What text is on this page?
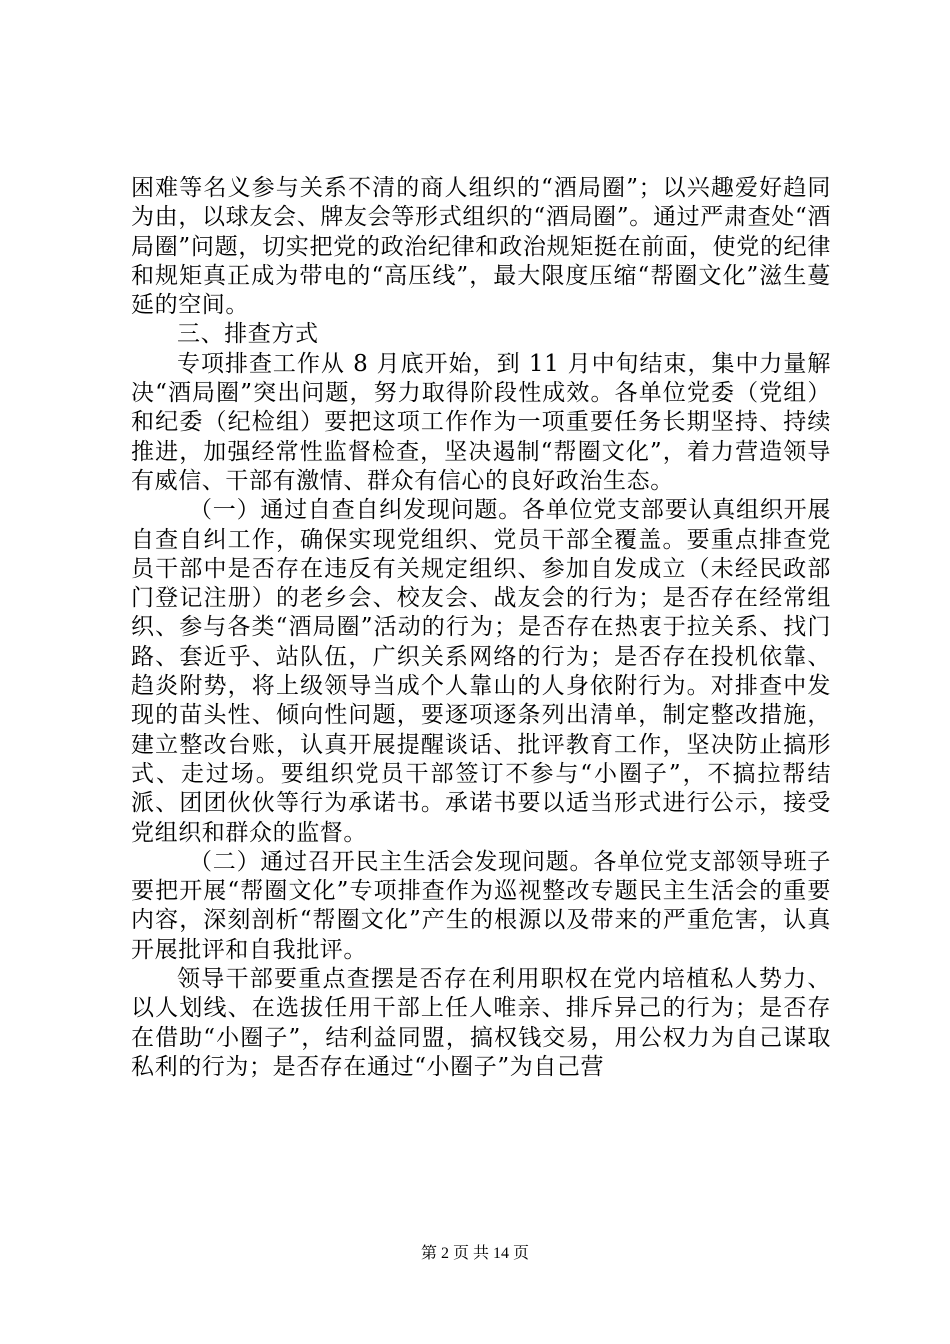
困难等名义参与关系不清的商人组织的“酒局圈”；以兴趣爱好趋同为由，以球友会、牌友会等形式组织的“酒局圈”。通过严肃查处“酒局圈”问题，切实把党的政治纪律和政治规矩挺在前面，使党的纪律和规矩真正成为带电的“高压线”，最大限度压缩“帮圈文化”滋生蔓延的空间。

三、排查方式

专项排查工作从 8 月底开始，到 11 月中旬结束，集中力量解决“酒局圈”突出问题，努力取得阶段性成效。各单位党委（党组）和纪委（纪检组）要把这项工作作为一项重要任务长期坚持、持续推进，加强经常性监督检查，坚决遏制“帮圈文化”，着力营造领导有威信、干部有激情、群众有信心的良好政治生态。

（一）通过自查自纠发现问题。各单位党支部要认真组织开展自查自纠工作，确保实现党组织、党员干部全覆盖。要重点排查党员干部中是否存在违反有关规定组织、参加自发成立（未经民政部门登记注册）的老乡会、校友会、战友会的行为；是否存在经常组织、参与各类“酒局圈”活动的行为；是否存在热衷于拉关系、找门路、套近乎、站队伍，广织关系网络的行为；是否存在投机依靠、趋炎附势，将上级领导当成个人靠山的人身依附行为。对排查中发现的苗头性、倾向性问题，要逐项逐条列出清单，制定整改措施，建立整改台账，认真开展提醒谈话、批评教育工作，坚决防止搞形式、走过场。要组织党员干部签订不参与“小圈子”，不搞拉帮结派、团团伙伙等行为承诺书。承诺书要以适当形式进行公示，接受党组织和群众的监督。

（二）通过召开民主生活会发现问题。各单位党支部领导班子要把开展“帮圈文化”专项排查作为巡视整改专题民主生活会的重要内容，深刻剖析“帮圈文化”产生的根源以及带来的严重危害，认真开展批评和自我批评。

领导干部要重点查摆是否存在利用职权在党内培植私人势力、以人划线、在选拔任用干部上任人唯亲、排斥异己的行为；是否存在借助“小圈子”，结利益同盟，搞权钱交易，用公权力为自己谋取私利的行为；是否存在通过“小圈子”为自己营

第 2 页 共 14 页
